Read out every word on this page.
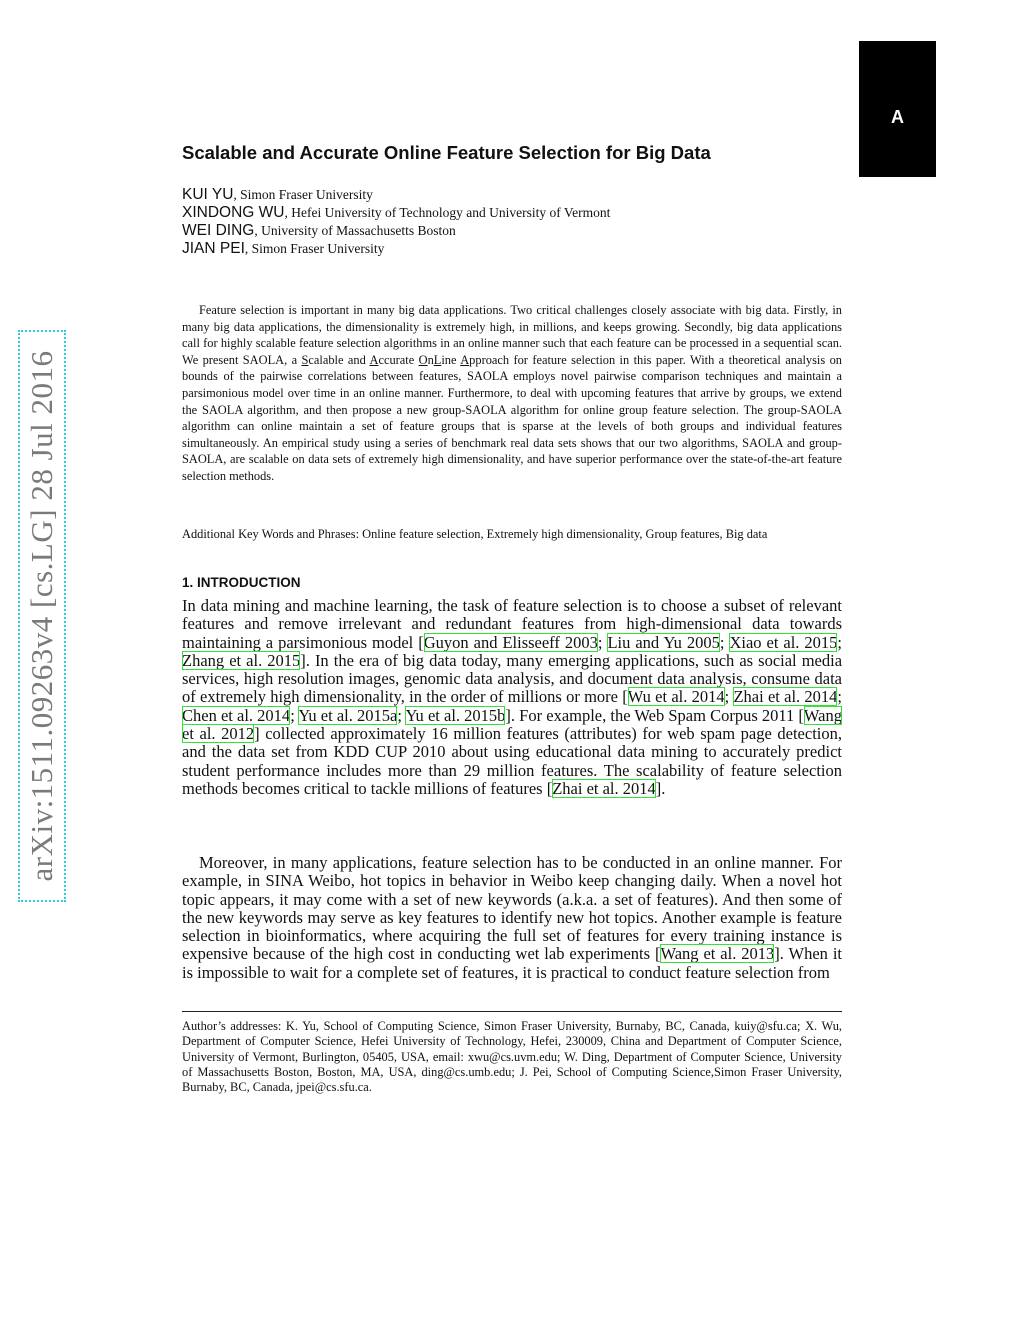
A
arXiv:1511.09263v4 [cs.LG] 28 Jul 2016
Scalable and Accurate Online Feature Selection for Big Data
KUI YU, Simon Fraser University
XINDONG WU, Hefei University of Technology and University of Vermont
WEI DING, University of Massachusetts Boston
JIAN PEI, Simon Fraser University

Feature selection is important in many big data applications. Two critical challenges closely associate with big data. Firstly, in many big data applications, the dimensionality is extremely high, in millions, and keeps growing. Secondly, big data applications call for highly scalable feature selection algorithms in an online manner such that each feature can be processed in a sequential scan. We present SAOLA, a Scalable and Accurate OnLine Approach for feature selection in this paper. With a theoretical analysis on bounds of the pairwise correlations between features, SAOLA employs novel pairwise comparison techniques and maintain a parsimonious model over time in an online manner. Furthermore, to deal with upcoming features that arrive by groups, we extend the SAOLA algorithm, and then propose a new group-SAOLA algorithm for online group feature selection. The group-SAOLA algorithm can online maintain a set of feature groups that is sparse at the levels of both groups and individual features simultaneously. An empirical study using a series of benchmark real data sets shows that our two algorithms, SAOLA and group-SAOLA, are scalable on data sets of extremely high dimensionality, and have superior performance over the state-of-the-art feature selection methods.

Additional Key Words and Phrases: Online feature selection, Extremely high dimensionality, Group features, Big data

1. INTRODUCTION

In data mining and machine learning, the task of feature selection is to choose a subset of relevant features and remove irrelevant and redundant features from high-dimensional data towards maintaining a parsimonious model [Guyon and Elisseeff 2003; Liu and Yu 2005; Xiao et al. 2015; Zhang et al. 2015]. In the era of big data today, many emerging applications, such as social media services, high resolution images, genomic data analysis, and document data analysis, consume data of extremely high dimensionality, in the order of millions or more [Wu et al. 2014; Zhai et al. 2014; Chen et al. 2014; Yu et al. 2015a; Yu et al. 2015b]. For example, the Web Spam Corpus 2011 [Wang et al. 2012] collected approximately 16 million features (attributes) for web spam page detection, and the data set from KDD CUP 2010 about using educational data mining to accurately predict student performance includes more than 29 million features. The scalability of feature selection methods becomes critical to tackle millions of features [Zhai et al. 2014].

Moreover, in many applications, feature selection has to be conducted in an online manner. For example, in SINA Weibo, hot topics in behavior in Weibo keep changing daily. When a novel hot topic appears, it may come with a set of new keywords (a.k.a. a set of features). And then some of the new keywords may serve as key features to identify new hot topics. Another example is feature selection in bioinformatics, where acquiring the full set of features for every training instance is expensive because of the high cost in conducting wet lab experiments [Wang et al. 2013]. When it is impossible to wait for a complete set of features, it is practical to conduct feature selection from

Author’s addresses: K. Yu, School of Computing Science, Simon Fraser University, Burnaby, BC, Canada, kuiy@sfu.ca; X. Wu, Department of Computer Science, Hefei University of Technology, Hefei, 230009, China and Department of Computer Science, University of Vermont, Burlington, 05405, USA, email: xwu@cs.uvm.edu; W. Ding, Department of Computer Science, University of Massachusetts Boston, Boston, MA, USA, ding@cs.umb.edu; J. Pei, School of Computing Science,Simon Fraser University, Burnaby, BC, Canada, jpei@cs.sfu.ca.
